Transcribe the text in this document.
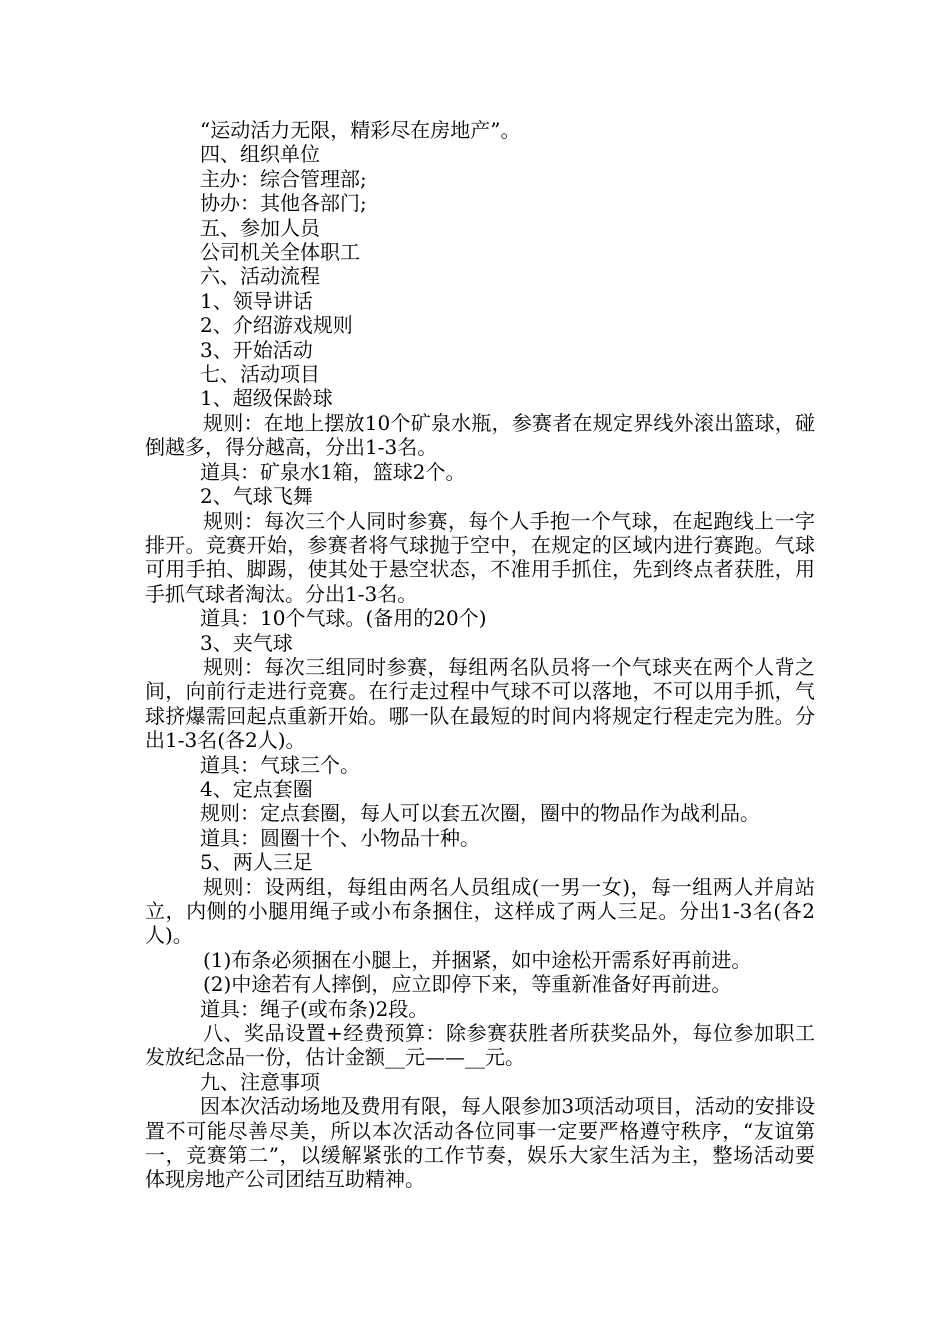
“运动活力无限，精彩尽在房地产”。

四、组织单位

主办：综合管理部;

协办：其他各部门;

五、参加人员

公司机关全体职工

六、活动流程

1、领导讲话

2、介绍游戏规则

3、开始活动

七、活动项目

1、超级保龄球

规则：在地上摆放10个矿泉水瓶，参赛者在规定界线外滚出篮球，碰倒越多，得分越高，分出1-3名。

道具：矿泉水1箱，篮球2个。

2、气球飞舞

规则：每次三个人同时参赛，每个人手抱一个气球，在起跑线上一字排开。竞赛开始，参赛者将气球抛于空中，在规定的区域内进行赛跑。气球可用手拍、脚踢，使其处于悬空状态，不准用手抓住，先到终点者获胜，用手抓气球者淘汰。分出1-3名。

道具：10个气球。(备用的20个)

3、夹气球

规则：每次三组同时参赛，每组两名队员将一个气球夹在两个人背之间，向前行走进行竞赛。在行走过程中气球不可以落地，不可以用手抓，气球挤爆需回起点重新开始。哪一队在最短的时间内将规定行程走完为胜。分出1-3名(各2人)。

道具：气球三个。

4、定点套圈

规则：定点套圈，每人可以套五次圈，圈中的物品作为战利品。

道具：圆圈十个、小物品十种。

5、两人三足

规则：设两组，每组由两名人员组成(一男一女)，每一组两人并肩站立，内侧的小腿用绳子或小布条捆住，这样成了两人三足。分出1-3名(各2人)。

(1)布条必须捆在小腿上，并捆紧，如中途松开需系好再前进。

(2)中途若有人摔倒，应立即停下来，等重新准备好再前进。

道具：绳子(或布条)2段。

八、奖品设置+经费预算：除参赛获胜者所获奖品外，每位参加职工发放纪念品一份，估计金额__元——__元。

九、注意事项

因本次活动场地及费用有限，每人限参加3项活动项目，活动的安排设置不可能尽善尽美，所以本次活动各位同事一定要严格遵守秩序，“友谊第一，竞赛第二”，以缓解紧张的工作节奏，娱乐大家生活为主，整场活动要体现房地产公司团结互助精神。
